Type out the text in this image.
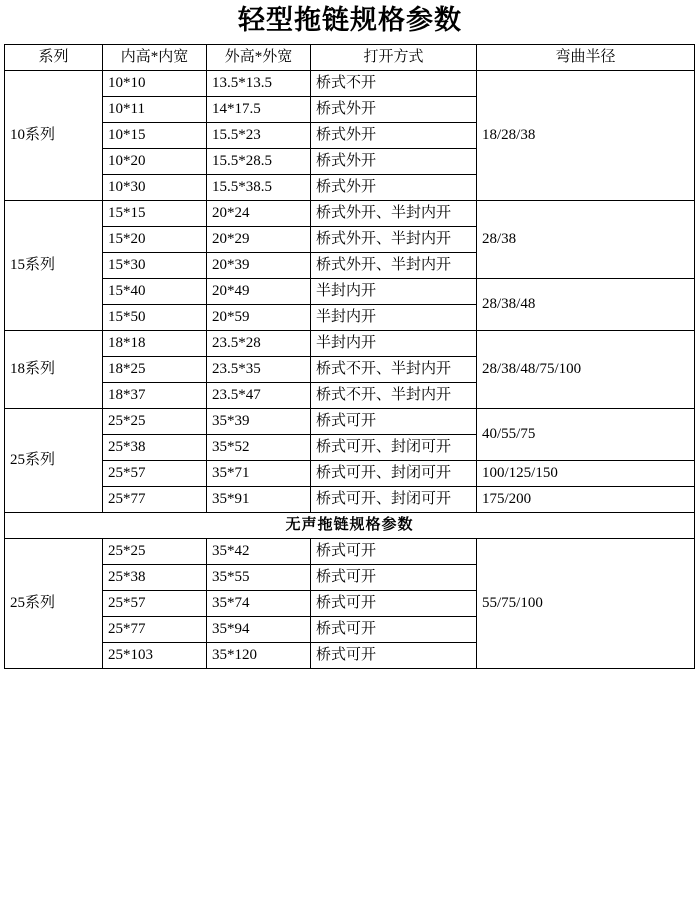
轻型拖链规格参数
系列	内高*内宽	外高*外宽	打开方式	弯曲半径
10系列	10*10	13.5*13.5	桥式不开	18/28/38
	10*11	14*17.5	桥式外开	
	10*15	15.5*23	桥式外开	
	10*20	15.5*28.5	桥式外开	
	10*30	15.5*38.5	桥式外开	
15系列	15*15	20*24	桥式外开、半封内开	28/38
	15*20	20*29	桥式外开、半封内开	
	15*30	20*39	桥式外开、半封内开	
	15*40	20*49	半封内开	28/38/48
	15*50	20*59	半封内开	
18系列	18*18	23.5*28	半封内开	28/38/48/75/100
	18*25	23.5*35	桥式不开、半封内开	
	18*37	23.5*47	桥式不开、半封内开	
25系列	25*25	35*39	桥式可开	40/55/75
	25*38	35*52	桥式可开、封闭可开	
	25*57	35*71	桥式可开、封闭可开	100/125/150
	25*77	35*91	桥式可开、封闭可开	175/200
无声拖链规格参数				
25系列	25*25	35*42	桥式可开	55/75/100
	25*38	35*55	桥式可开	
	25*57	35*74	桥式可开	
	25*77	35*94	桥式可开	
	25*103	35*120	桥式可开	
